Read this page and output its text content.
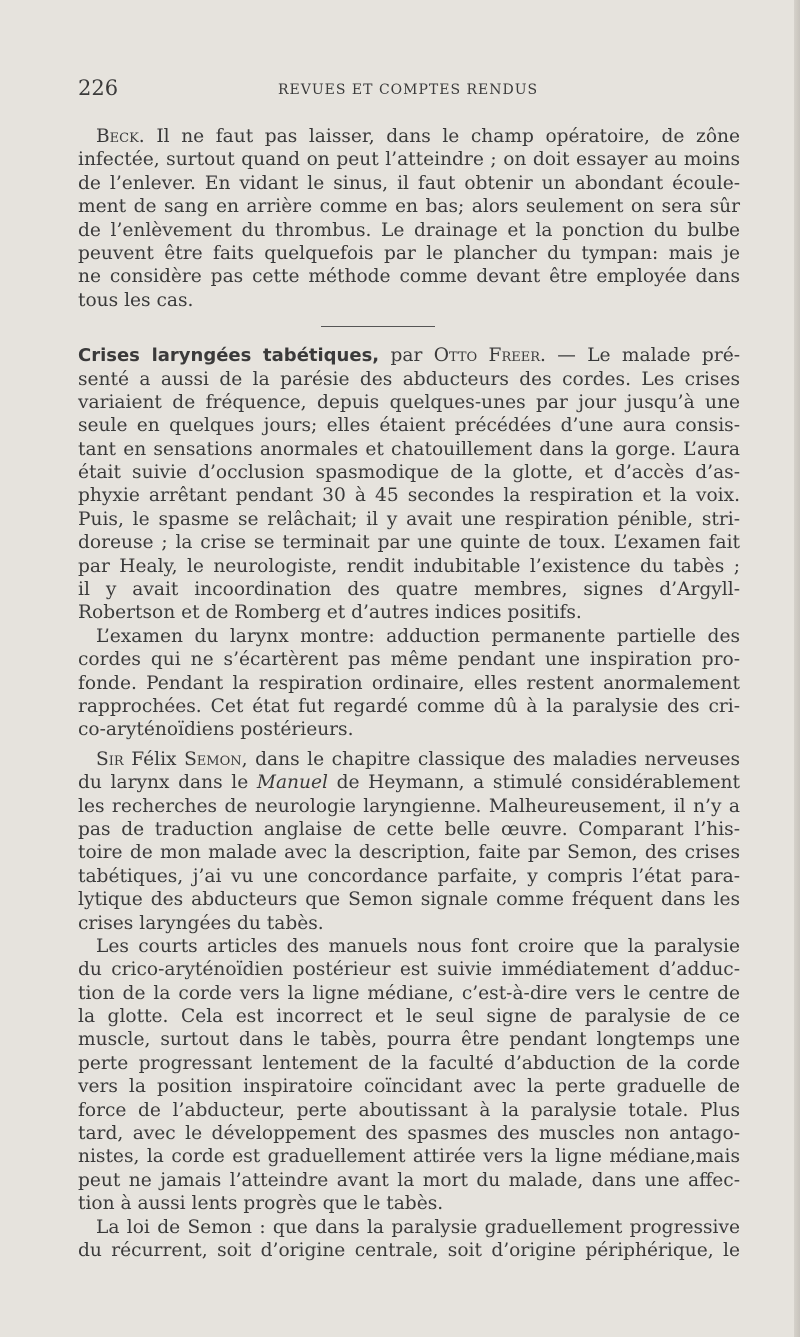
226	REVUES ET COMPTES RENDUS
Beck. Il ne faut pas laisser, dans le champ opératoire, de zône
infectée, surtout quand on peut l’atteindre ; on doit essayer au moins
de l’enlever. En vidant le sinus, il faut obtenir un abondant écoule-
ment de sang en arrière comme en bas; alors seulement on sera sûr
de l’enlèvement du thrombus. Le drainage et la ponction du bulbe
peuvent être faits quelquefois par le plancher du tympan: mais je
ne considère pas cette méthode comme devant être employée dans
tous les cas.
Crises laryngées tabétiques, par Otto Freer. — Le malade pré-
senté a aussi de la parésie des abducteurs des cordes. Les crises
variaient de fréquence, depuis quelques-unes par jour jusqu’à une
seule en quelques jours; elles étaient précédées d’une aura consis-
tant en sensations anormales et chatouillement dans la gorge. L’aura
était suivie d’occlusion spasmodique de la glotte, et d’accès d’as-
phyxie arrêtant pendant 30 à 45 secondes la respiration et la voix.
Puis, le spasme se relâchait; il y avait une respiration pénible, stri-
doreuse ; la crise se terminait par une quinte de toux. L’examen fait
par Healy, le neurologiste, rendit indubitable l’existence du tabès ;
il y avait incoordination des quatre membres, signes d’Argyll-
Robertson et de Romberg et d’autres indices positifs.
L’examen du larynx montre: adduction permanente partielle des
cordes qui ne s’écartèrent pas même pendant une inspiration pro-
fonde. Pendant la respiration ordinaire, elles restent anormalement
rapprochées. Cet état fut regardé comme dû à la paralysie des cri-
co-aryténoïdiens postérieurs.
Sir Félix Semon, dans le chapitre classique des maladies nerveuses
du larynx dans le Manuel de Heymann, a stimulé considérablement
les recherches de neurologie laryngienne. Malheureusement, il n’y a
pas de traduction anglaise de cette belle œuvre. Comparant l’his-
toire de mon malade avec la description, faite par Semon, des crises
tabétiques, j’ai vu une concordance parfaite, y compris l’état para-
lytique des abducteurs que Semon signale comme fréquent dans les
crises laryngées du tabès.
Les courts articles des manuels nous font croire que la paralysie
du crico-aryténoïdien postérieur est suivie immédiatement d’adduc-
tion de la corde vers la ligne médiane, c’est-à-dire vers le centre de
la glotte. Cela est incorrect et le seul signe de paralysie de ce
muscle, surtout dans le tabès, pourra être pendant longtemps une
perte progressant lentement de la faculté d’abduction de la corde
vers la position inspiratoire coïncidant avec la perte graduelle de
force de l’abducteur, perte aboutissant à la paralysie totale. Plus
tard, avec le développement des spasmes des muscles non antago-
nistes, la corde est graduellement attirée vers la ligne médiane,mais
peut ne jamais l’atteindre avant la mort du malade, dans une affec-
tion à aussi lents progrès que le tabès.
La loi de Semon : que dans la paralysie graduellement progressive
du récurrent, soit d’origine centrale, soit d’origine périphérique, le
